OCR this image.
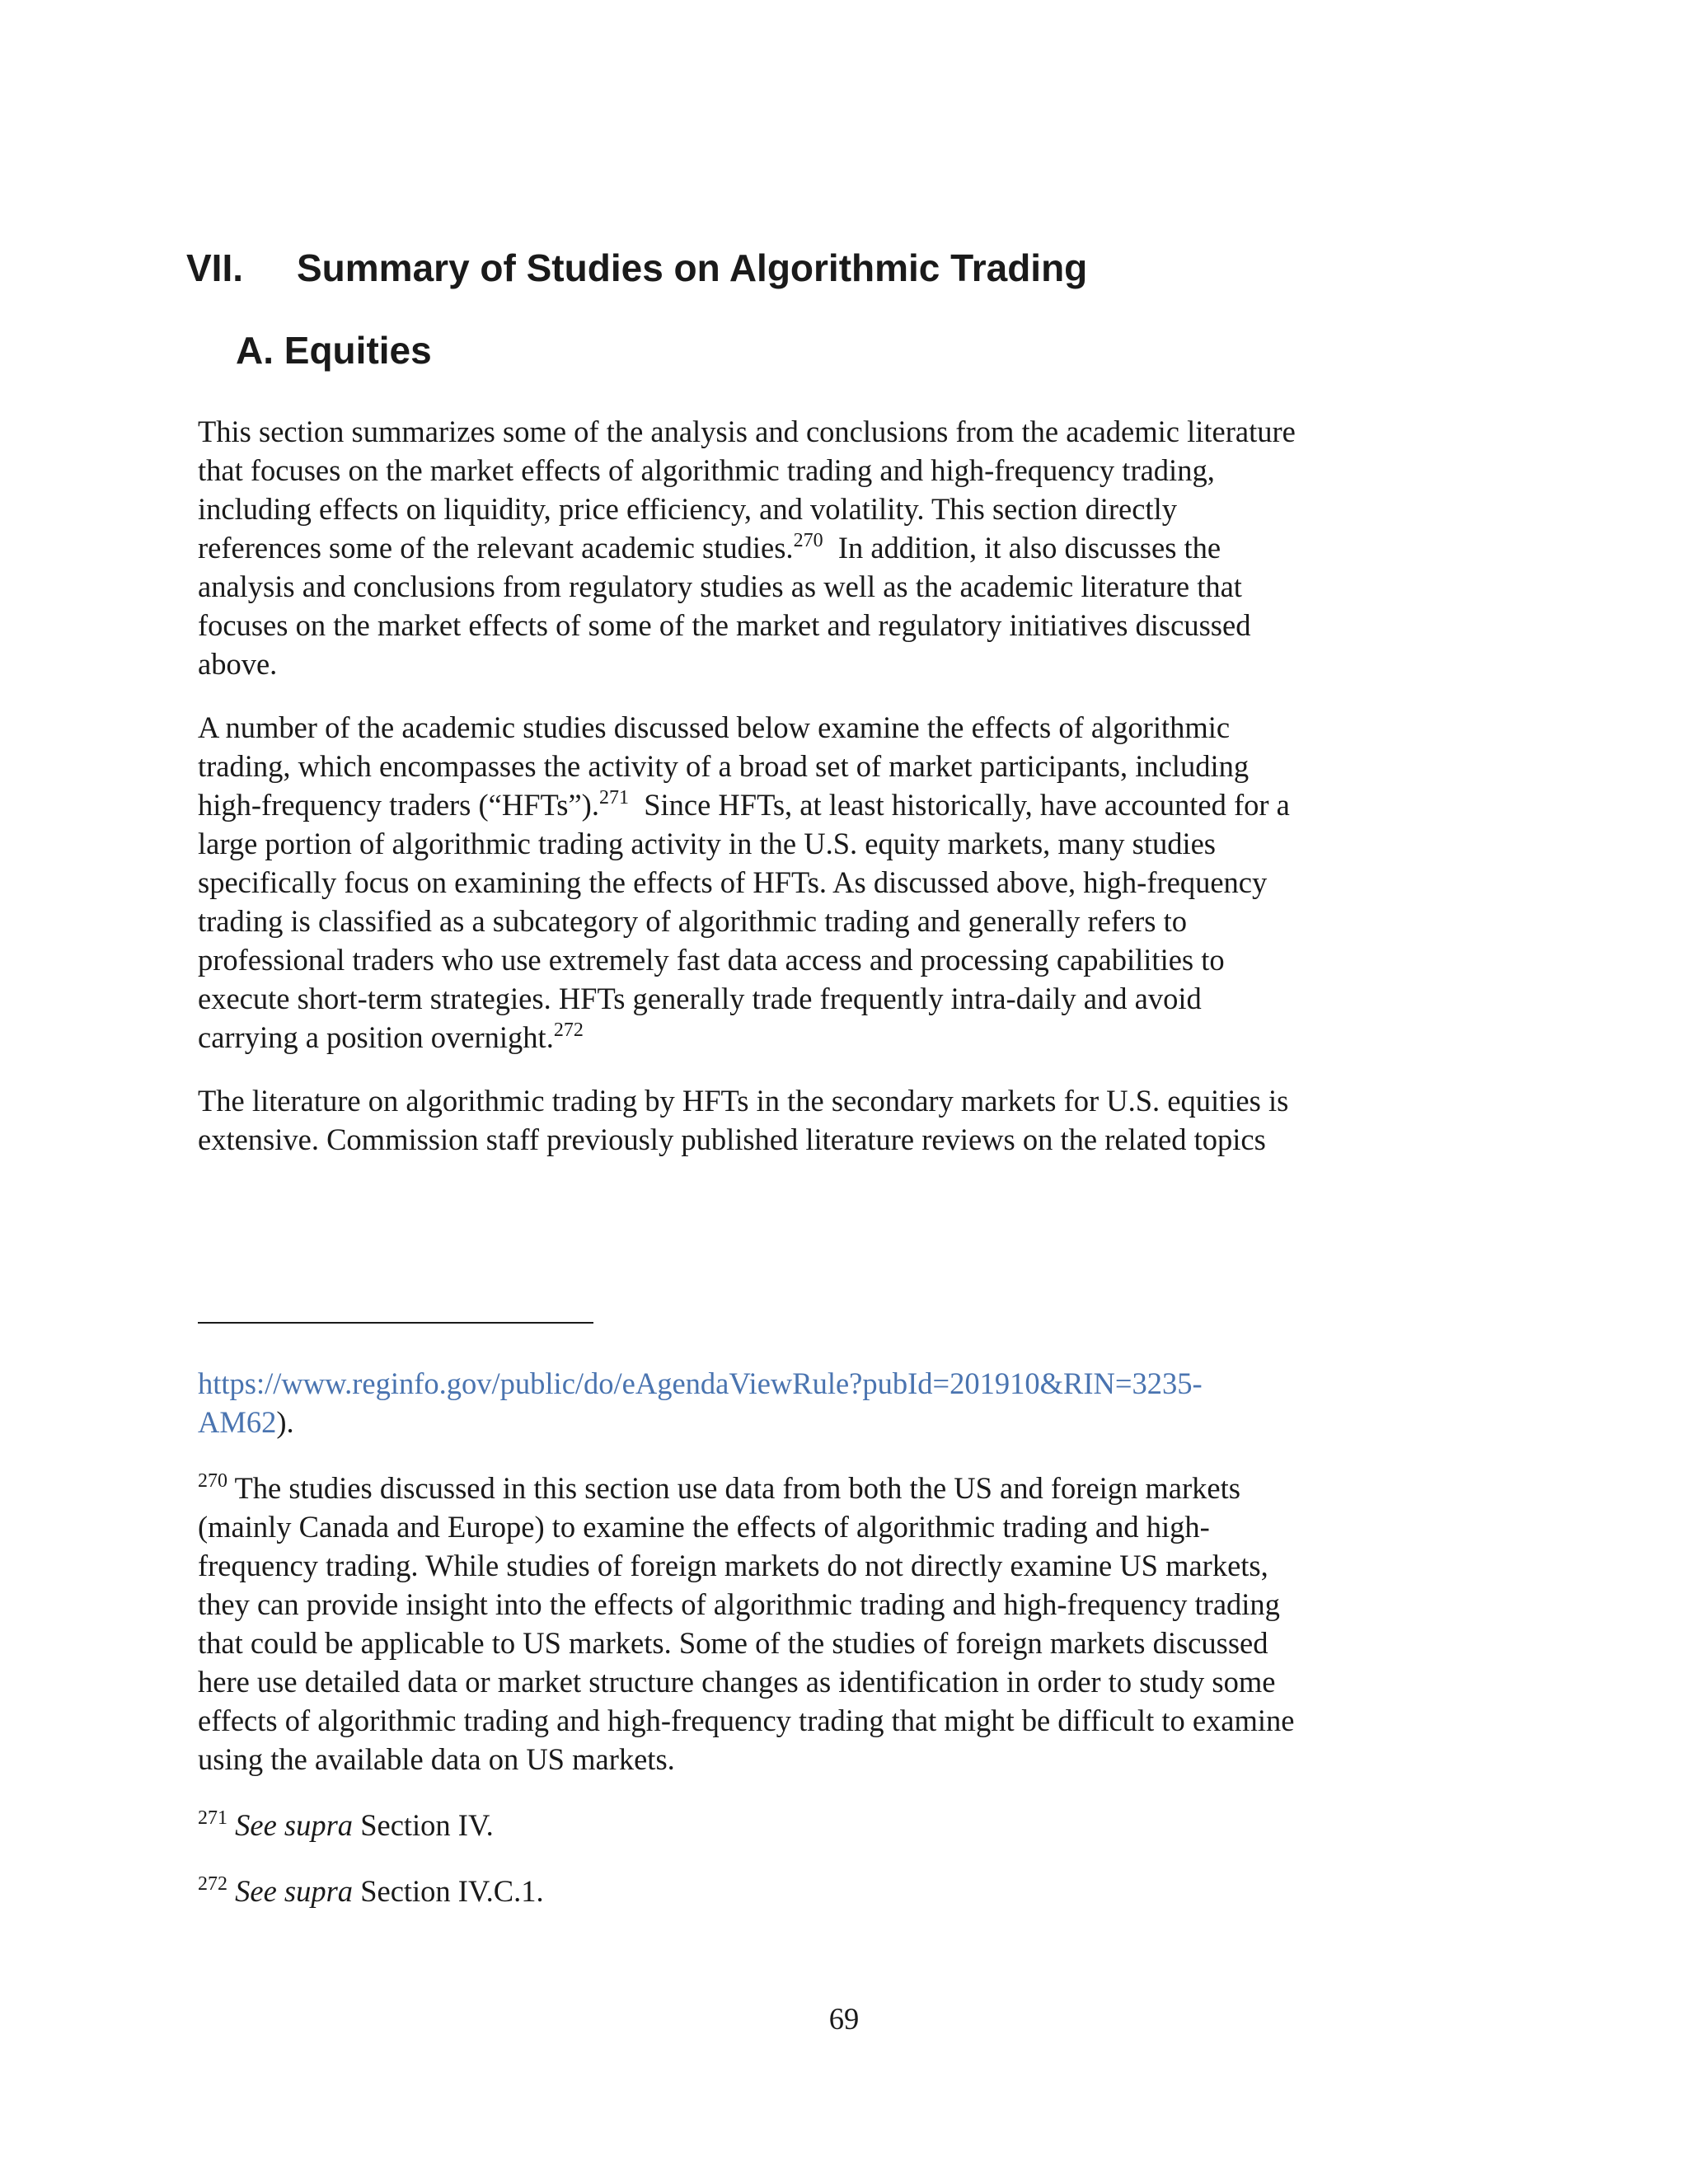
VII. Summary of Studies on Algorithmic Trading
A. Equities

This section summarizes some of the analysis and conclusions from the academic literature
that focuses on the market effects of algorithmic trading and high-frequency trading,
including effects on liquidity, price efficiency, and volatility. This section directly
references some of the relevant academic studies.$^{270}$  In addition, it also discusses the
analysis and conclusions from regulatory studies as well as the academic literature that
focuses on the market effects of some of the market and regulatory initiatives discussed
above.

A number of the academic studies discussed below examine the effects of algorithmic
trading, which encompasses the activity of a broad set of market participants, including
high-frequency traders (“HFTs”).$^{271}$  Since HFTs, at least historically, have accounted for a
large portion of algorithmic trading activity in the U.S. equity markets, many studies
specifically focus on examining the effects of HFTs. As discussed above, high-frequency
trading is classified as a subcategory of algorithmic trading and generally refers to
professional traders who use extremely fast data access and processing capabilities to
execute short-term strategies. HFTs generally trade frequently intra-daily and avoid
carrying a position overnight.$^{272}$

The literature on algorithmic trading by HFTs in the secondary markets for U.S. equities is
extensive. Commission staff previously published literature reviews on the related topics

https://www.reginfo.gov/public/do/eAgendaViewRule?pubId=201910&RIN=3235-
AM62).
$^{270}$ The studies discussed in this section use data from both the US and foreign markets
(mainly Canada and Europe) to examine the effects of algorithmic trading and high-
frequency trading. While studies of foreign markets do not directly examine US markets,
they can provide insight into the effects of algorithmic trading and high-frequency trading
that could be applicable to US markets. Some of the studies of foreign markets discussed
here use detailed data or market structure changes as identification in order to study some
effects of algorithmic trading and high-frequency trading that might be difficult to examine
using the available data on US markets.
$^{271}$ See supra Section IV.
$^{272}$ See supra Section IV.C.1.
69
